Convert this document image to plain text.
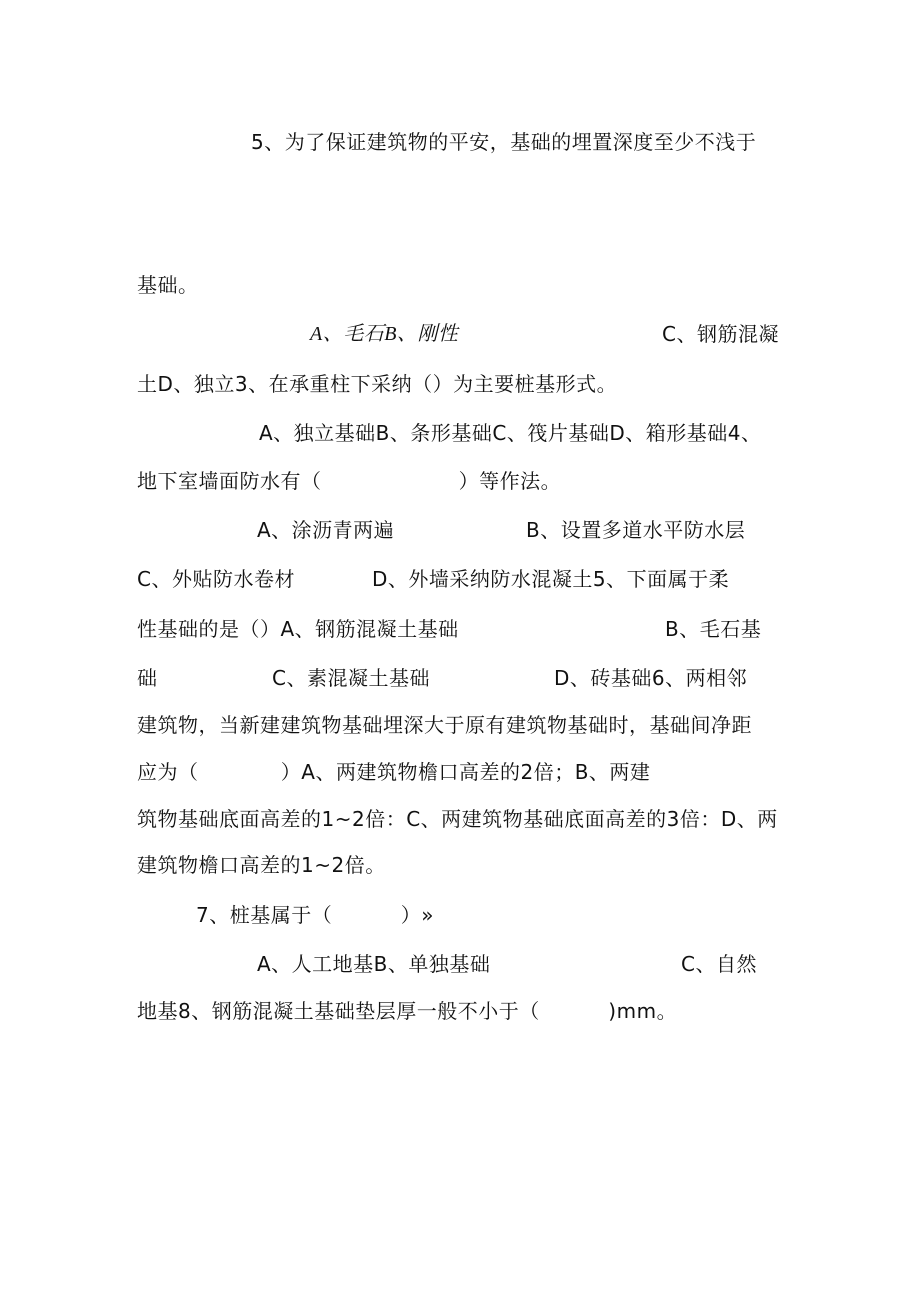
5、为了保证建筑物的平安，基础的埋置深度至少不浅于
基础。
A、毛石B、刚性	C、钢筋混凝
土D、独立3、在承重柱下采纳（）为主要桩基形式。
A、独立基础B、条形基础C、筏片基础D、箱形基础4、
地下室墙面防水有（                    ）等作法。
A、涂沥青两遍	B、设置多道水平防水层
C、外贴防水卷材	D、外墙采纳防水混凝土5、下面属于柔
性基础的是（）A、钢筋混凝土基础	B、毛石基
础	C、素混凝土基础	D、砖基础6、两相邻
建筑物，当新建建筑物基础埋深大于原有建筑物基础时，基础间净距
应为（            ）A、两建筑物檐口高差的2倍；B、两建
筑物基础底面高差的1~2倍：C、两建筑物基础底面高差的3倍：D、两
建筑物檐口高差的1~2倍。
7、桩基属于（          ）»
A、人工地基B、单独基础	C、自然
地基8、钢筋混凝土基础垫层厚一般不小于（          )mm。
